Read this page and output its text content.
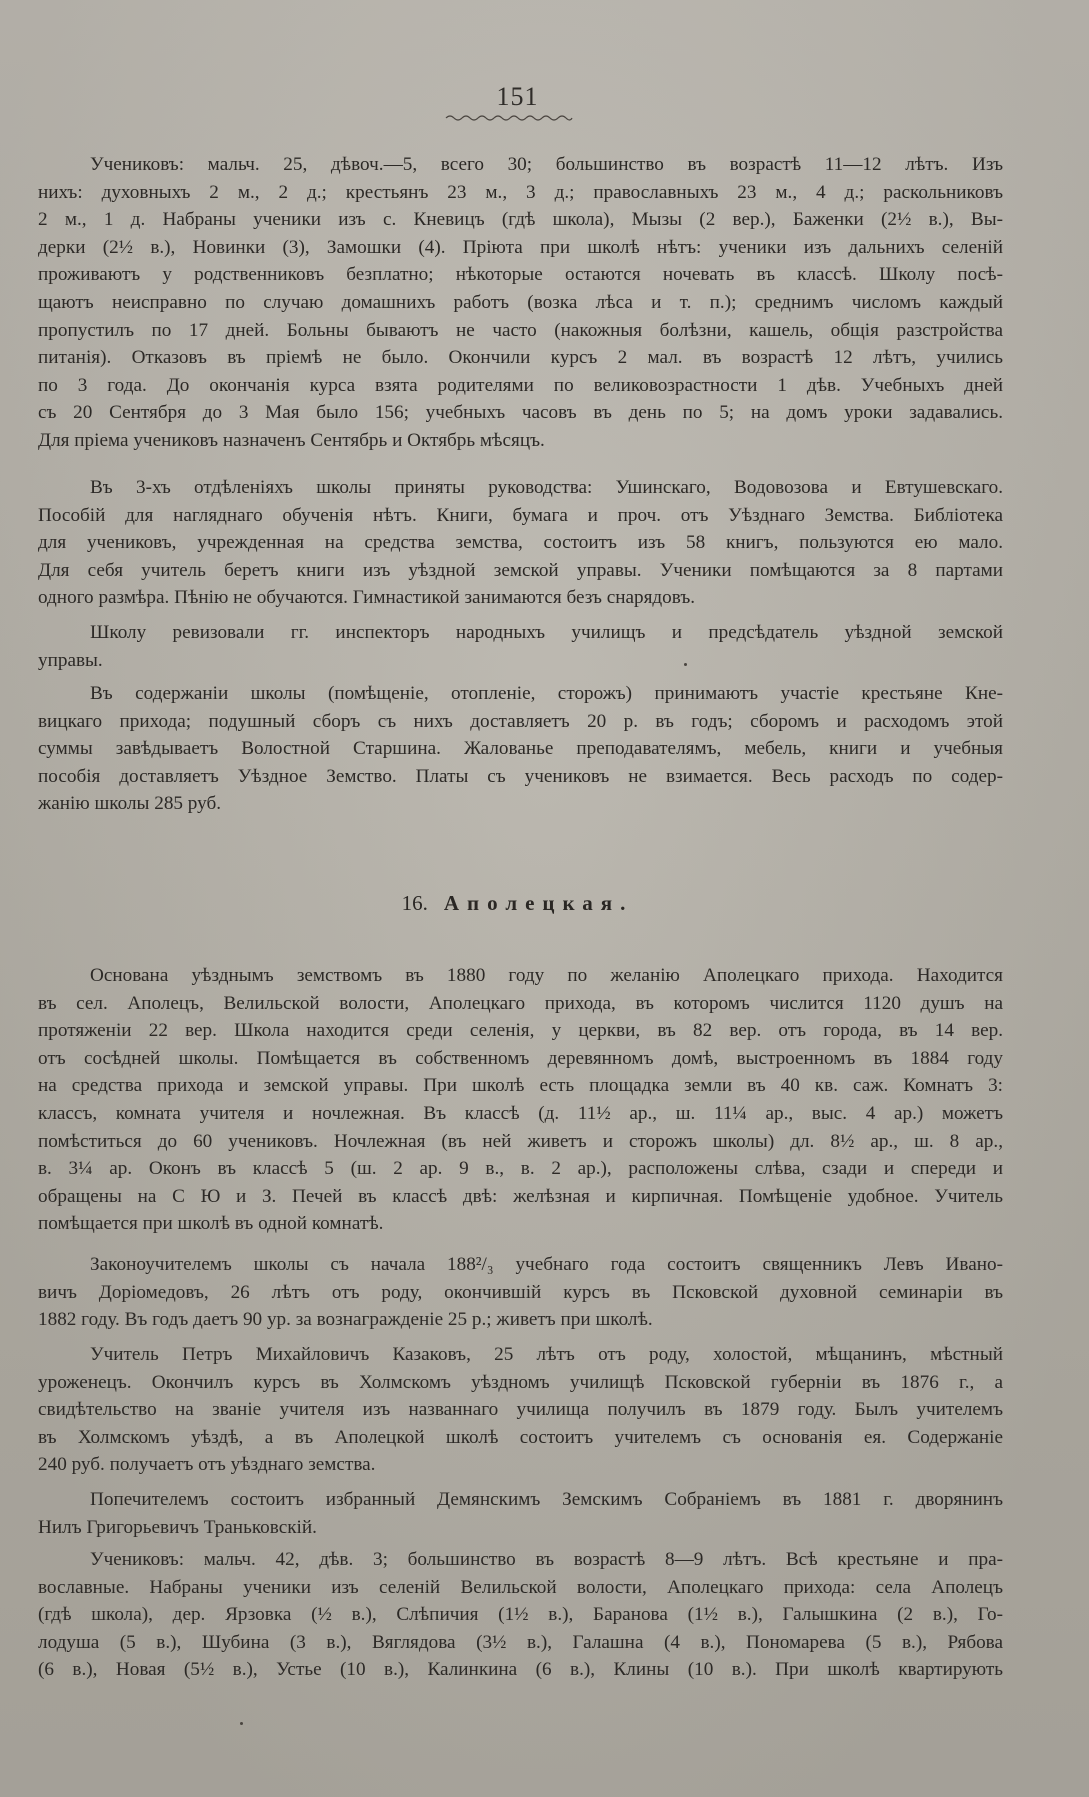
151
Учениковъ: мальч. 25, дѣвоч.—5, всего 30; большинство въ возрастѣ 11—12 лѣтъ. Изъ
нихъ: духовныхъ 2 м., 2 д.; крестьянъ 23 м., 3 д.; православныхъ 23 м., 4 д.; раскольниковъ
2 м., 1 д. Набраны ученики изъ с. Кневицъ (гдѣ школа), Мызы (2 вер.), Баженки (2½ в.), Вы-
дерки (2½ в.), Новинки (3), Замошки (4). Пріюта при школѣ нѣтъ: ученики изъ дальнихъ селеній
проживаютъ у родственниковъ безплатно; нѣкоторые остаются ночевать въ классѣ. Школу посѣ-
щаютъ неисправно по случаю домашнихъ работъ (возка лѣса и т. п.); среднимъ числомъ каждый
пропустилъ по 17 дней. Больны бываютъ не часто (накожныя болѣзни, кашель, общія разстройства
питанія). Отказовъ въ пріемѣ не было. Окончили курсъ 2 мал. въ возрастѣ 12 лѣтъ, учились
по 3 года. До окончанія курса взята родителями по великовозрастности 1 дѣв. Учебныхъ дней
съ 20 Сентября до 3 Мая было 156; учебныхъ часовъ въ день по 5; на домъ уроки задавались.
Для пріема учениковъ назначенъ Сентябрь и Октябрь мѣсяцъ.
Въ 3-хъ отдѣленіяхъ школы приняты руководства: Ушинскаго, Водовозова и Евтушевскаго.
Пособій для нагляднаго обученія нѣтъ. Книги, бумага и проч. отъ Уѣзднаго Земства. Библіотека
для учениковъ, учрежденная на средства земства, состоитъ изъ 58 книгъ, пользуются ею мало.
Для себя учитель беретъ книги изъ уѣздной земской управы. Ученики помѣщаются за 8 партами
одного размѣра. Пѣнію не обучаются. Гимнастикой занимаются безъ снарядовъ.
Школу ревизовали гг. инспекторъ народныхъ училищъ и предсѣдатель уѣздной земской
управы.
Въ содержаніи школы (помѣщеніе, отопленіе, сторожъ) принимаютъ участіе крестьяне Кне-
вицкаго прихода; подушный сборъ съ нихъ доставляетъ 20 р. въ годъ; сборомъ и расходомъ этой
суммы завѣдываетъ Волостной Старшина. Жалованье преподавателямъ, мебель, книги и учебныя
пособія доставляетъ Уѣздное Земство. Платы съ учениковъ не взимается. Весь расходъ по содер-
жанію школы 285 руб.
16. Аполецкая.
Основана уѣзднымъ земствомъ въ 1880 году по желанію Аполецкаго прихода. Находится
въ сел. Аполецъ, Велильской волости, Аполецкаго прихода, въ которомъ числится 1120 душъ на
протяженіи 22 вер. Школа находится среди селенія, у церкви, въ 82 вер. отъ города, въ 14 вер.
отъ сосѣдней школы. Помѣщается въ собственномъ деревянномъ домѣ, выстроенномъ въ 1884 году
на средства прихода и земской управы. При школѣ есть площадка земли въ 40 кв. саж. Комнатъ 3:
классъ, комната учителя и ночлежная. Въ классѣ (д. 11½ ар., ш. 11¼ ар., выс. 4 ар.) можетъ
помѣститься до 60 учениковъ. Ночлежная (въ ней живетъ и сторожъ школы) дл. 8½ ар., ш. 8 ар.,
в. 3¼ ар. Оконъ въ классѣ 5 (ш. 2 ар. 9 в., в. 2 ар.), расположены слѣва, сзади и спереди и
обращены на С Ю и З. Печей въ классѣ двѣ: желѣзная и кирпичная. Помѣщеніе удобное. Учитель
помѣщается при школѣ въ одной комнатѣ.
Законоучителемъ школы съ начала 188²/₃ учебнаго года состоитъ священникъ Левъ Ивано-
вичъ Доріомедовъ, 26 лѣтъ отъ роду, окончившій курсъ въ Псковской духовной семинаріи въ
1882 году. Въ годъ даетъ 90 ур. за вознагражденіе 25 р.; живетъ при школѣ.
Учитель Петръ Михайловичъ Казаковъ, 25 лѣтъ отъ роду, холостой, мѣщанинъ, мѣстный
уроженецъ. Окончилъ курсъ въ Холмскомъ уѣздномъ училищѣ Псковской губерніи въ 1876 г., а
свидѣтельство на званіе учителя изъ названнаго училища получилъ въ 1879 году. Былъ учителемъ
въ Холмскомъ уѣздѣ, а въ Аполецкой школѣ состоитъ учителемъ съ основанія ея. Содержаніе
240 руб. получаетъ отъ уѣзднаго земства.
Попечителемъ состоитъ избранный Демянскимъ Земскимъ Собраніемъ въ 1881 г. дворянинъ
Нилъ Григорьевичъ Траньковскій.
Учениковъ: мальч. 42, дѣв. 3; большинство въ возрастѣ 8—9 лѣтъ. Всѣ крестьяне и пра-
вославные. Набраны ученики изъ селеній Велильской волости, Аполецкаго прихода: села Аполецъ
(гдѣ школа), дер. Ярзовка (½ в.), Слѣпичия (1½ в.), Баранова (1½ в.), Галышкина (2 в.), Го-
лодуша (5 в.), Шубина (3 в.), Вяглядова (3½ в.), Галашна (4 в.), Пономарева (5 в.), Рябова
(6 в.), Новая (5½ в.), Устье (10 в.), Калинкина (6 в.), Клины (10 в.). При школѣ квартирують
